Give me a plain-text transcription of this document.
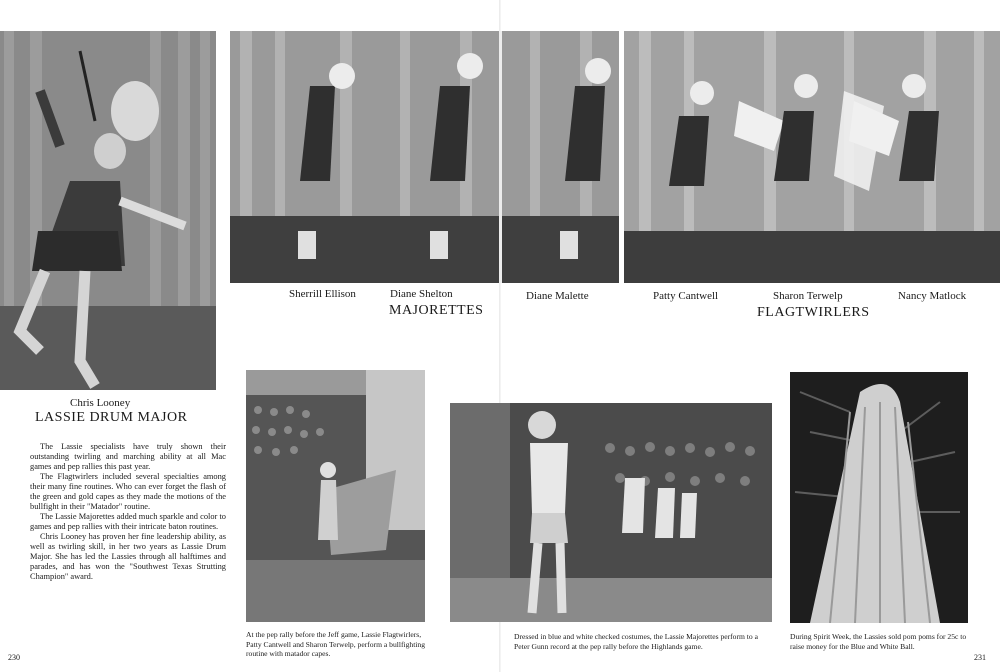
Chris Looney
LASSIE DRUM MAJOR

The Lassie specialists have truly shown their outstanding twirling and marching ability at all Mac games and pep rallies this past year.

The Flagtwirlers included several specialties among their many fine routines. Who can ever forget the flash of the green and gold capes as they made the motions of the bullfight in their "Matador" routine.

The Lassie Majorettes added much sparkle and color to games and pep rallies with their intricate baton routines.

Chris Looney has proven her fine leadership ability, as well as twirling skill, in her two years as Lassie Drum Major. She has led the Lassies through all halftimes and parades, and has won the "Southwest Texas Strutting Champion" award.

Sherrill Ellison	Diane Shelton	Diane Malette
MAJORETTES
Patty Cantwell	Sharon Terwelp	Nancy Matlock
FLAGTWIRLERS

At the pep rally before the Jeff game, Lassie Flagtwirlers, Patty Cantwell and Sharon Terwelp, perform a bullfighting routine with matador capes.

Dressed in blue and white checked costumes, the Lassie Majorettes perform to a Peter Gunn record at the pep rally before the Highlands game.

During Spirit Week, the Lassies sold pom poms for 25c to raise money for the Blue and White Ball.

230	231
